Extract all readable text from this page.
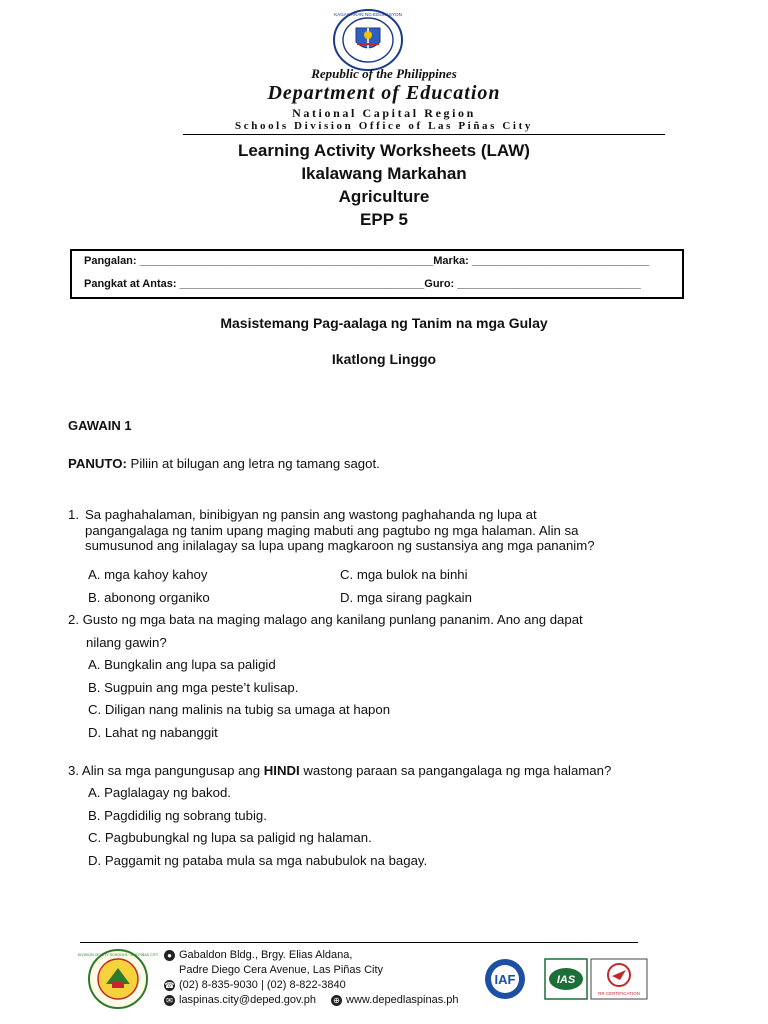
KAGAWARAN NG EDUKASYON
Republic of the Philippines
Department of Education
National Capital Region
Schools Division Office of Las Piñas City
Learning Activity Worksheets (LAW)
Ikalawang Markahan
Agriculture
EPP 5
Pangalan: ________________________________________________Marka: _____________________________
Pangkat at Antas: ________________________________________Guro: ______________________________
Masistemang Pag-aalaga ng Tanim na mga Gulay
Ikatlong Linggo
GAWAIN 1
PANUTO: Piliin at bilugan ang letra ng tamang sagot.
1. Sa paghahalaman, binibigyan ng pansin ang wastong paghahanda ng lupa at
pangangalaga ng tanim upang maging mabuti ang pagtubo ng mga halaman. Alin sa
sumusunod ang inilalagay sa lupa upang magkaroon ng sustansiya ang mga pananim?
A. mga kahoy kahoy
B. abonong organiko
C. mga bulok na binhi
D. mga sirang pagkain
2. Gusto ng mga bata na maging malago ang kanilang punlang pananim. Ano ang dapat
nilang gawin?
A. Bungkalin ang lupa sa paligid
B. Sugpuin ang mga peste’t kulisap.
C. Diligan nang malinis na tubig sa umaga at hapon
D. Lahat ng nabanggit
3. Alin sa mga pangungusap ang HINDI wastong paraan sa pangangalaga ng mga halaman?
A. Paglalagay ng bakod.
B. Pagdidilig ng sobrang tubig.
C. Pagbubungkal ng lupa sa paligid ng halaman.
D. Paggamit ng pataba mula sa mga nabubulok na bagay.
DIVISION OF CITY SCHOOLS · LAS PIÑAS CITY	● Gabaldon Bldg., Brgy. Elias Aldana,
Padre Diego Cera Avenue, Las Piñas City
☎ (02) 8-835-9030 | (02) 8-822-3840
✉ laspinas.city@deped.gov.ph ⊕ www.depedlaspinas.ph
IAF	IAS
RR CERTIFICATION
